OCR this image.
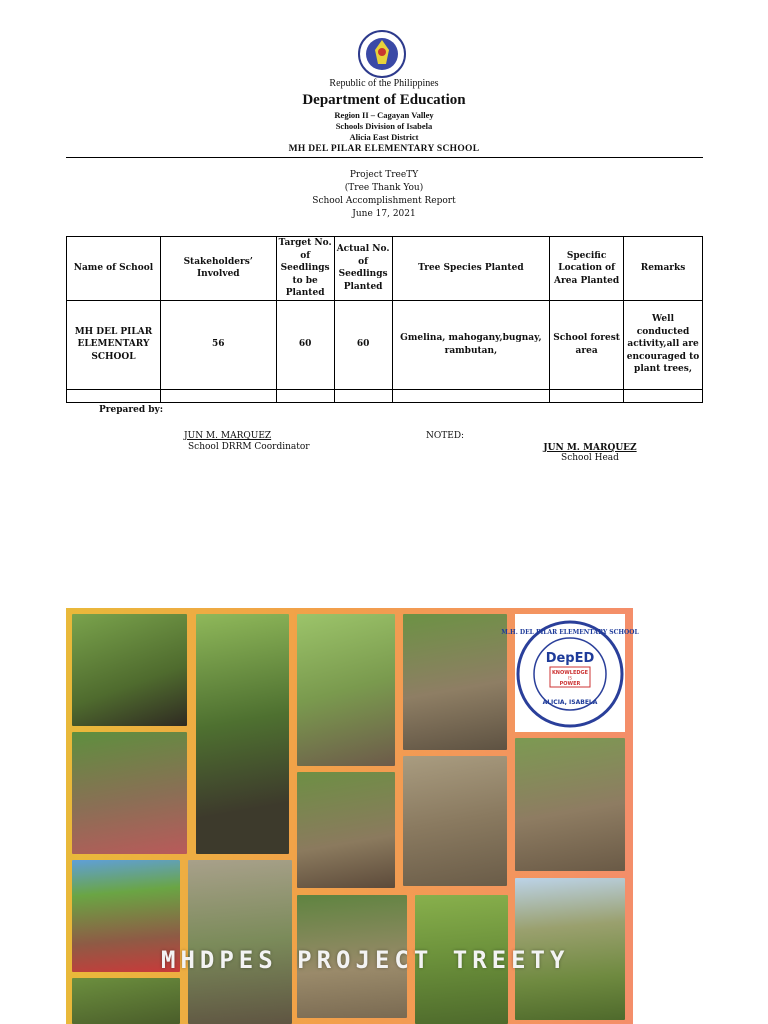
Republic of the Philippines
Department of Education
Region II – Cagayan Valley
Schools Division of Isabela
Alicia East District
MH DEL PILAR ELEMENTARY SCHOOL
Project TreeTY
(Tree Thank You)
School Accomplishment Report
June 17, 2021
Name of School	Stakeholders’ Involved	Target No. of Seedlings to be Planted	Actual No. of Seedlings Planted	Tree Species Planted	Specific Location of Area Planted	Remarks
MH DEL PILAR ELEMENTARY SCHOOL	56	60	60	Gmelina, mahogany,bugnay, rambutan,	School forest area	Well conducted activity,all are encouraged to plant trees,

Prepared by:
JUN M. MARQUEZ
School DRRM Coordinator
NOTED:
JUN M. MARQUEZ
School Head
DepED
KNOWLEDGE
IS
POWER
ALICIA, ISABELA
M.H. DEL PILAR ELEMENTARY SCHOOL
MHDPES PROJECT TREETY
